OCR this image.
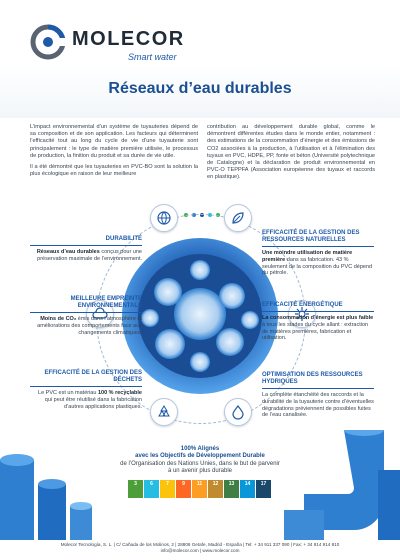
MOLECOR
Smart water
Réseaux d’eau durables

L’impact environnemental d’un système de tuyauteries dépend de sa composition et de son application. Les facteurs qui déterminent l’efficacité tout au long du cycle de vie d’une tuyauterie sont principalement : le type de matière première utilisée, le processus de production, la finition du produit et sa durée de vie utile.

Il a été démontré que les tuyauteries en PVC-BO sont la solution la plus écologique en raison de leur meilleure

contribution au développement durable global, comme le démontrent différentes études dans le monde entier, notamment : des estimations de la consommation d’énergie et des émissions de CO2 associées à la production, à l’utilisation et à l’élimination des tuyaux en PVC, HDPE, PP, fonte et béton (Université polytechnique de Catalogne) et la déclaration de produit environnemental en PVC-O TEPPFA (Association européenne des tuyaux et raccords en plastique).

DURABILITÉ

Réseaux d’eau durables conçus pour une préservation maximale de l’environnement.

MEILLEURE EMPREINTE ENVIRONNEMENTALE

Moins de CO₂ émis dans l’atmosphère et améliorations des comportements face aux changements climatiques.

EFFICACITÉ DE LA GESTION DES DÉCHETS

Le PVC est un matériau 100 % recyclable qui peut être réutilisé dans la fabrication d’autres applications plastiques.

EFFICACITÉ DE LA GESTION DES RESSOURCES NATURELLES

Une moindre utilisation de matière première dans sa fabrication. 43 % seulement de la composition du PVC dépend du pétrole.

EFFICACITÉ ÉNERGÉTIQUE

La consommation d’énergie est plus faible à tous les stades du cycle allant : extraction de matières premières, fabrication et utilisation.

OPTIMISATION DES RESSOURCES HYDRIQUES

La complète étanchéité des raccords et la durabilité de la tuyauterie contre d’éventuelles dégradations préviennent de possibles fuites de l’eau canalisée.

100% Alignés
avec les Objectifs de Développement Durable
de l’Organisation des Nations Unies, dans le but de parvenir
à un avenir plus durable
3	6	7	9	11	12	13	14	17
Molecor Tecnología, S. L. | C/ Cañada de los Molinos, 2 | 28806 Getafe, Madrid - España | Tel: + 34 911 337 090 | Fax: + 34 914 914 810
info@molecor.com | www.molecor.com
